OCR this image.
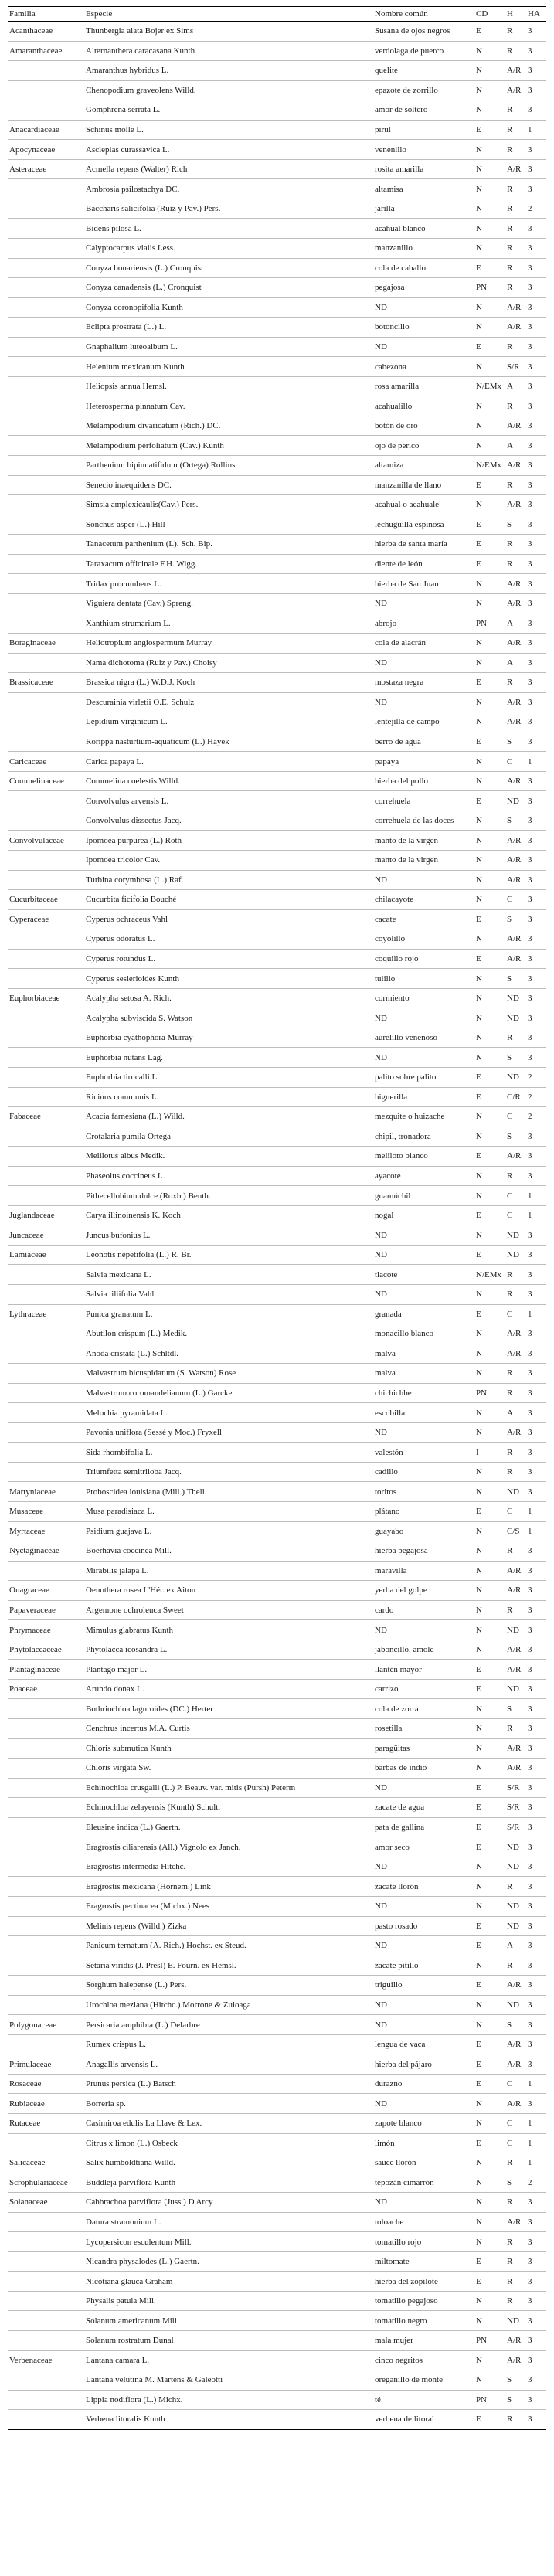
Familia	Especie	Nombre común	CD	H	HA
Acanthaceae	Thunbergia alata Bojer ex Sims	Susana de ojos negros	E	R	3
Amaranthaceae	Alternanthera caracasana Kunth	verdolaga de puerco	N	R	3
	Amaranthus hybridus L.	quelite	N	A/R	3
	Chenopodium graveolens Willd.	epazote de zorrillo	N	A/R	3
	Gomphrena serrata L.	amor de soltero	N	R	3
Anacardiaceae	Schinus molle L.	pirul	E	R	1
Apocynaceae	Asclepias curassavica L.	venenillo	N	R	3
Asteraceae	Acmella repens (Walter) Rich	rosita amarilla	N	A/R	3
	Ambrosia psilostachya DC.	altamisa	N	R	3
	Baccharis salicifolia (Ruiz y Pav.) Pers.	jarilla	N	R	2
	Bidens pilosa L.	acahual blanco	N	R	3
	Calyptocarpus vialis Less.	manzanillo	N	R	3
	Conyza bonariensis (L.) Cronquist	cola de caballo	E	R	3
	Conyza canadensis (L.) Cronquist	pegajosa	PN	R	3
	Conyza coronopifolia Kunth	ND	N	A/R	3
	Eclipta prostrata (L.) L.	botoncillo	N	A/R	3
	Gnaphalium luteoalbum L.	ND	E	R	3
	Helenium mexicanum Kunth	cabezona	N	S/R	3
	Heliopsis annua Hemsl.	rosa amarilla	N/EMx	A	3
	Heterosperma pinnatum Cav.	acahualillo	N	R	3
	Melampodium divaricatum (Rich.) DC.	botón de oro	N	A/R	3
	Melampodium perfoliatum (Cav.) Kunth	ojo de perico	N	A	3
	Parthenium bipinnatifidum (Ortega) Rollins	altamiza	N/EMx	A/R	3
	Senecio inaequidens DC.	manzanilla de llano	E	R	3
	Simsia amplexicaulis(Cav.) Pers.	acahual o acahuale	N	A/R	3
	Sonchus asper (L.) Hill	lechuguilla espinosa	E	S	3
	Tanacetum parthenium (L). Sch. Bip.	hierba de santa maría	E	R	3
	Taraxacum officinale F.H. Wigg.	diente de león	E	R	3
	Tridax procumbens L.	hierba de San Juan	N	A/R	3
	Viguiera dentata (Cav.) Spreng.	ND	N	A/R	3
	Xanthium strumarium L.	abrojo	PN	A	3
Boraginaceae	Heliotropium angiospermum Murray	cola de alacrán	N	A/R	3
	Nama dichotoma (Ruiz y Pav.) Choisy	ND	N	A	3
Brassicaceae	Brassica nigra (L.) W.D.J. Koch	mostaza negra	E	R	3
	Descurainia virletii O.E. Schulz	ND	N	A/R	3
	Lepidium virginicum L.	lentejilla de campo	N	A/R	3
	Rorippa nasturtium-aquaticum (L.) Hayek	berro de agua	E	S	3
Caricaceae	Carica papaya L.	papaya	N	C	1
Commelinaceae	Commelina coelestis Willd.	hierba del pollo	N	A/R	3
	Convolvulus arvensis L.	correhuela	E	ND	3
	Convolvulus dissectus Jacq.	correhuela de las doces	N	S	3
Convolvulaceae	Ipomoea purpurea (L.) Roth	manto de la virgen	N	A/R	3
	Ipomoea tricolor Cav.	manto de la virgen	N	A/R	3
	Turbina corymbosa (L.) Raf.	ND	N	A/R	3
Cucurbitaceae	Cucurbita ficifolia Bouché	chilacayote	N	C	3
Cyperaceae	Cyperus ochraceus Vahl	cacate	E	S	3
	Cyperus odoratus L.	coyolillo	N	A/R	3
	Cyperus rotundus L.	coquillo rojo	E	A/R	3
	Cyperus seslerioides Kunth	tulillo	N	S	3
Euphorbiaceae	Acalypha setosa A. Rich.	cormiento	N	ND	3
	Acalypha subviscida S. Watson	ND	N	ND	3
	Euphorbia cyathophora Murray	aurelillo venenoso	N	R	3
	Euphorbia nutans Lag.	ND	N	S	3
	Euphorbia tirucalli L.	palito sobre palito	E	ND	2
	Ricinus communis L.	higuerilla	E	C/R	2
Fabaceae	Acacia farnesiana (L.) Willd.	mezquite o huizache	N	C	2
	Crotalaria pumila Ortega	chipil, tronadora	N	S	3
	Melilotus albus Medik.	meliloto blanco	E	A/R	3
	Phaseolus coccineus L.	ayacote	N	R	3
	Pithecellobium dulce (Roxb.) Benth.	guamúchil	N	C	1
Juglandaceae	Carya illinoinensis K. Koch	nogal	E	C	1
Juncaceae	Juncus bufonius L.	ND	N	ND	3
Lamiaceae	Leonotis nepetifolia (L.) R. Br.	ND	E	ND	3
	Salvia mexicana L.	tlacote	N/EMx	R	3
	Salvia tiliifolia Vahl	ND	N	R	3
Lythraceae	Punica granatum L.	granada	E	C	1
	Abutilon crispum (L.) Medik.	monacillo blanco	N	A/R	3
	Anoda cristata (L.) Schltdl.	malva	N	A/R	3
	Malvastrum bicuspidatum (S. Watson) Rose	malva	N	R	3
	Malvastrum coromandelianum (L.) Garcke	chichichbe	PN	R	3
	Melochia pyramidata L.	escobilla	N	A	3
	Pavonia uniflora (Sessé y Moc.) Fryxell	ND	N	A/R	3
	Sida rhombifolia L.	valestón	I	R	3
	Triumfetta semitriloba Jacq.	cadillo	N	R	3
Martyniaceae	Proboscidea louisiana (Mill.) Thell.	toritos	N	ND	3
Musaceae	Musa paradisiaca L.	plátano	E	C	1
Myrtaceae	Psidium guajava L.	guayabo	N	C/S	1
Nyctaginaceae	Boerhavia coccinea Mill.	hierba pegajosa	N	R	3
	Mirabilis jalapa L.	maravilla	N	A/R	3
Onagraceae	Oenothera rosea L'Hér. ex Aiton	yerba del golpe	N	A/R	3
Papaveraceae	Argemone ochroleuca Sweet	cardo	N	R	3
Phrymaceae	Mimulus glabratus Kunth	ND	N	ND	3
Phytolaccaceae	Phytolacca icosandra L.	jaboncillo, amole	N	A/R	3
Plantaginaceae	Plantago major L.	llantén mayor	E	A/R	3
Poaceae	Arundo donax L.	carrizo	E	ND	3
	Bothriochloa laguroides (DC.) Herter	cola de zorra	N	S	3
	Cenchrus incertus M.A. Curtis	rosetilla	N	R	3
	Chloris submutica Kunth	paragüitas	N	A/R	3
	Chloris virgata Sw.	barbas de indio	N	A/R	3
	Echinochloa crusgalli (L.) P. Beauv. var. mitis (Pursh) Peterm	ND	E	S/R	3
	Echinochloa zelayensis (Kunth) Schult.	zacate de agua	E	S/R	3
	Eleusine indica (L.) Gaertn.	pata de gallina	E	S/R	3
	Eragrostis ciliarensis (All.) Vignolo ex Janch.	amor seco	E	ND	3
	Eragrostis intermedia Hitchc.	ND	N	ND	3
	Eragrostis mexicana (Hornem.) Link	zacate llorón	N	R	3
	Eragrostis pectinacea (Michx.) Nees	ND	N	ND	3
	Melinis repens (Willd.) Zizka	pasto rosado	E	ND	3
	Panicum ternatum (A. Rich.) Hochst. ex Steud.	ND	E	A	3
	Setaria viridis (J. Presl) E. Fourn. ex Hemsl.	zacate pitillo	N	R	3
	Sorghum halepense (L.) Pers.	triguillo	E	A/R	3
	Urochloa meziana (Hitchc.) Morrone & Zuloaga	ND	N	ND	3
Polygonaceae	Persicaria amphibia (L.) Delarbre	ND	N	S	3
	Rumex crispus L.	lengua de vaca	E	A/R	3
Primulaceae	Anagallis arvensis L.	hierba del pájaro	E	A/R	3
Rosaceae	Prunus persica (L.) Batsch	durazno	E	C	1
Rubiaceae	Borreria sp.	ND	N	A/R	3
Rutaceae	Casimiroa edulis La Llave & Lex.	zapote blanco	N	C	1
	Citrus x limon (L.) Osbeck	limón	E	C	1
Salicaceae	Salix humboldtiana Willd.	sauce llorón	N	R	1
Scrophulariaceae	Buddleja parviflora Kunth	tepozán cimarrón	N	S	2
Solanaceae	Cabbrachoa parviflora (Juss.) D'Arcy	ND	N	R	3
	Datura stramonium L.	toloache	N	A/R	3
	Lycopersicon esculentum Mill.	tomatillo rojo	N	R	3
	Nicandra physalodes (L.) Gaertn.	miltomate	E	R	3
	Nicotiana glauca Graham	hierba del zopilote	E	R	3
	Physalis patula Mill.	tomatillo pegajoso	N	R	3
	Solanum americanum Mill.	tomatillo negro	N	ND	3
	Solanum rostratum Dunal	mala mujer	PN	A/R	3
Verbenaceae	Lantana camara L.	cinco negritos	N	A/R	3
	Lantana velutina M. Martens & Galeotti	oreganillo de monte	N	S	3
	Lippia nodiflora (L.) Michx.	té	PN	S	3
	Verbena litoralis Kunth	verbena de litoral	E	R	3
